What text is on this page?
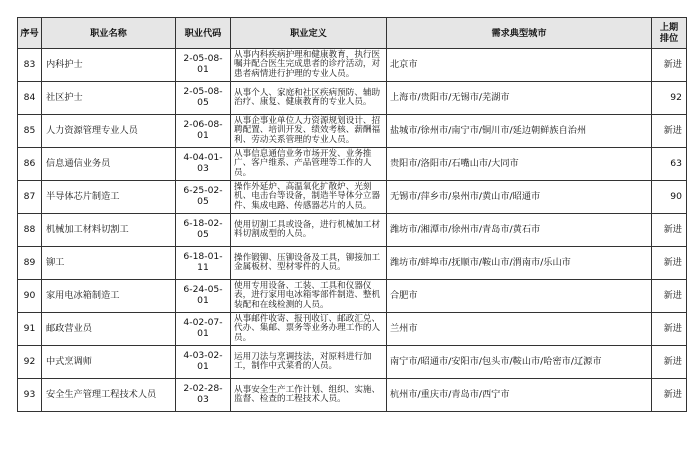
序号	职业名称	职业代码	职业定义	需求典型城市	上期
排位
83	内科护士	2-05-08-01	从事内科疾病护理和健康教育，执行医嘱并配合医生完成患者的诊疗活动，对患者病情进行护理的专业人员。	北京市	新进
84	社区护士	2-05-08-05	从事个人、家庭和社区疾病预防、辅助治疗、康复、健康教育的专业人员。	上海市/贵阳市/无锡市/芜湖市	92
85	人力资源管理专业人员	2-06-08-01	从事企事业单位人力资源规划设计、招聘配置、培训开发、绩效考核、薪酬福利、劳动关系管理的专业人员。	盐城市/徐州市/南宁市/铜川市/延边朝鲜族自治州	新进
86	信息通信业务员	4-04-01-03	从事信息通信业务市场开发、业务推广、客户维系、产品管理等工作的人员。	贵阳市/洛阳市/石嘴山市/大同市	63
87	半导体芯片制造工	6-25-02-05	操作外延炉、高温氧化扩散炉、光刻机、电击台等设备，制造半导体分立器件、集成电路、传感器芯片的人员。	无锡市/萍乡市/泉州市/黄山市/昭通市	90
88	机械加工材料切割工	6-18-02-05	使用切割工具或设备，进行机械加工材料切割成型的人员。	潍坊市/湘潭市/徐州市/青岛市/黄石市	新进
89	铆工	6-18-01-11	操作锻铆、压铆设备及工具，铆接加工金属板材、型材零件的人员。	潍坊市/蚌埠市/抚顺市/鞍山市/渭南市/乐山市	新进
90	家用电冰箱制造工	6-24-05-01	使用专用设备、工装、工具和仪器仪表，进行家用电冰箱零部件制造、整机装配和在线检测的人员。	合肥市	新进
91	邮政营业员	4-02-07-01	从事邮件收寄、报刊收订、邮政汇兑、代办、集邮、票务等业务办理工作的人员。	兰州市	新进
92	中式烹调师	4-03-02-01	运用刀法与烹调技法，对原料进行加工，制作中式菜肴的人员。	南宁市/昭通市/安阳市/包头市/鞍山市/哈密市/辽源市	新进
93	安全生产管理工程技术人员	2-02-28-03	从事安全生产工作计划、组织、实施、监督、检查的工程技术人员。	杭州市/重庆市/青岛市/西宁市	新进
